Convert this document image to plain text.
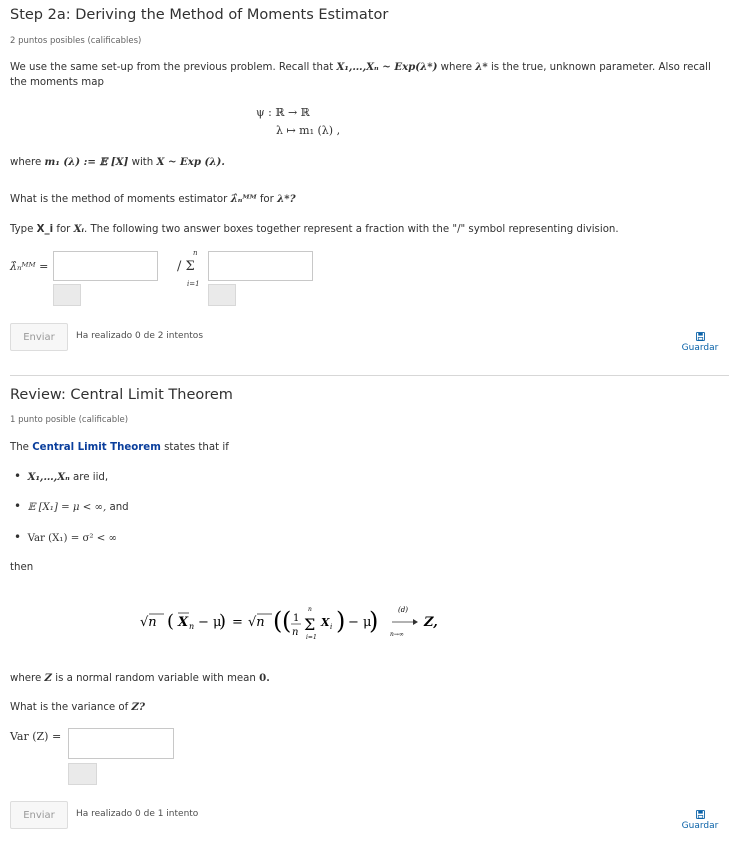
Step 2a: Deriving the Method of Moments Estimator
2 puntos posibles (calificables)
We use the same set-up from the previous problem. Recall that X₁,…,Xₙ ~ Exp(λ*) where λ* is the true, unknown parameter. Also recall
the moments map
ψ : ℝ → ℝ
λ ↦ m₁ (λ) ,
where m₁ (λ) := 𝔼 [X] with X ~ Exp (λ).
What is the method of moments estimator λ̂ₙᴹᴹ for λ*?
Type X_i for Xᵢ. The following two answer boxes together represent a fraction with the "/" symbol representing division.
λ̂ₙᴹᴹ =	/ Σ
n
i=1
Enviar	Ha realizado 0 de 2 intentos
Guardar
Review: Central Limit Theorem
1 punto posible (calificable)
The Central Limit Theorem states that if
• X₁,…,Xₙ are iid,
• 𝔼 [X₁] = μ < ∞, and
• Var (X₁) = σ² < ∞
then
√n ( X n − μ
) = √n ( ( 1
n Σ
n
i=1
X i ) − μ
)	(d)
n→∞
Z,
where Z is a normal random variable with mean 0.
What is the variance of Z?
Var (Z) =
Enviar	Ha realizado 0 de 1 intento
Guardar
